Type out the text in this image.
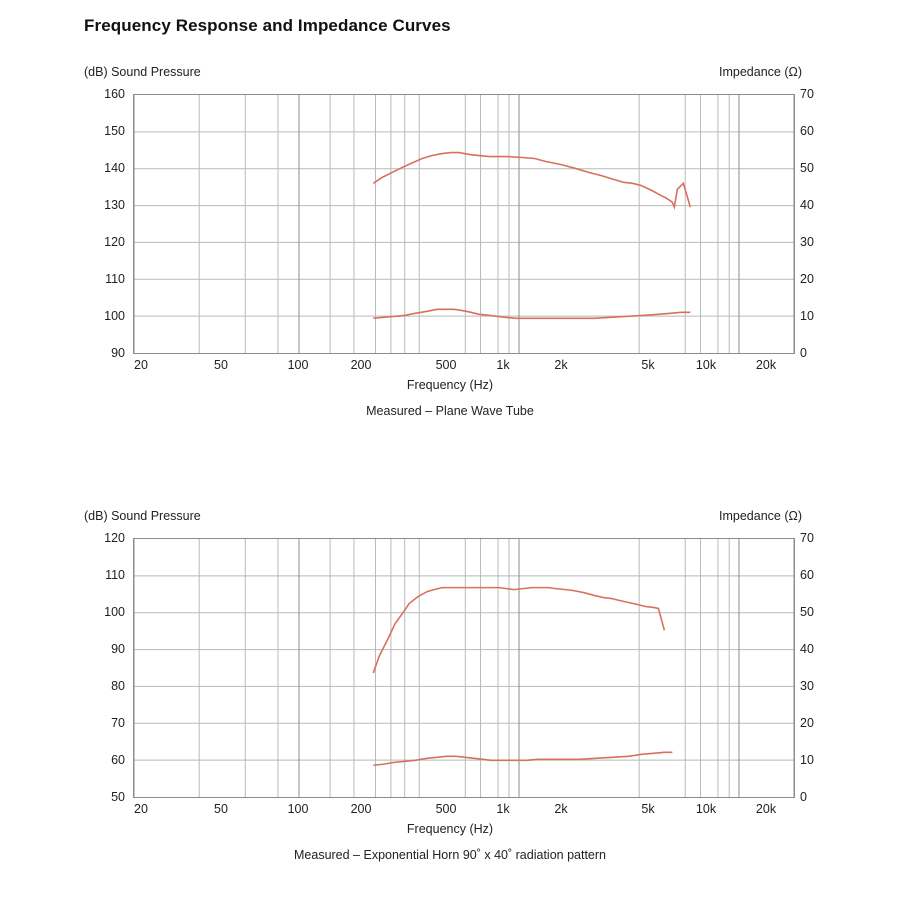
Frequency Response and Impedance Curves
(dB) Sound Pressure	Impedance (Ω)
160
150
140
130
120
110
100
90
70
60
50
40
30
20
10
0
20	50	100	200	500	1k	2k	5k	10k	20k
Frequency (Hz)
Measured – Plane Wave Tube
(dB) Sound Pressure	Impedance (Ω)
120
110
100
90
80
70
60
50
70
60
50
40
30
20
10
0
20	50	100	200	500	1k	2k	5k	10k	20k
Frequency (Hz)
Measured – Exponential Horn 90˚ x 40˚ radiation pattern
